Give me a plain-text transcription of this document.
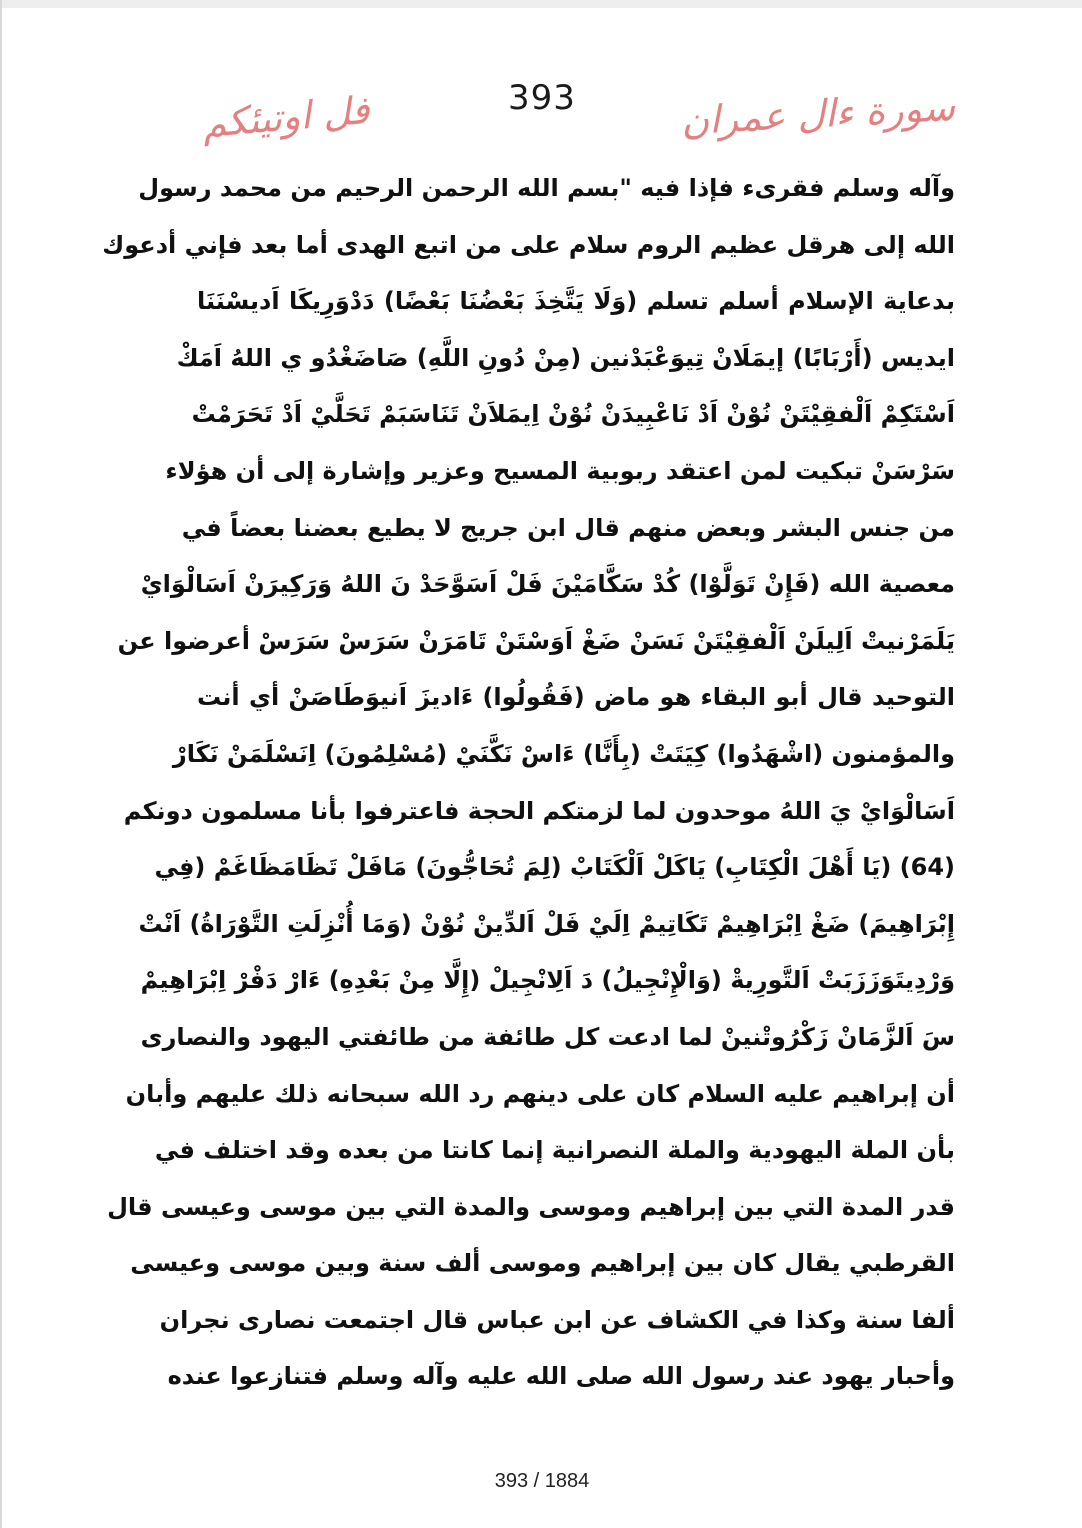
393	سورة ءال عمران
فل اوتيئكم
وآله وسلم فقرىء فإذا فيه "بسم الله الرحمن الرحيم من محمد رسول
الله إلى هرقل عظيم الروم سلام على من اتبع الهدى أما بعد فإني أدعوك
بدعاية الإسلام أسلم تسلم (وَلَا يَتَّخِذَ بَعْضُنَا بَعْضًا) دَدْوَرِيكَا اَديسْنَنَا
ايديس (أَرْبَابًا) إيمَلَانْ تِيوَعْبَدْنين (مِنْ دُونِ اللَّهِ) صَاضَغْدُو ي اللهُ اَمَكْ
اَسْتَكِمْ اَلْفقِيْتَنْ نُوْنْ اَدْ نَاعْبِيدَنْ نُوْنْ اِيمَلاَنْ تَنَاسَبَمْ تَحَلَّيْ اَدْ تَحَرَمْتْ
سَرْسَنْ تبكيت لمن اعتقد ربوبية المسيح وعزير وإشارة إلى أن هؤلاء
من جنس البشر وبعض منهم قال ابن جريج لا يطيع بعضنا بعضاً في
معصية الله (فَإِنْ تَوَلَّوْا) كُدْ سَكَّامَيْنَ فَلْ اَسَوَّحَدْ نَ اللهُ وَرَكِيرَنْ اَسَالْوَايْ
يَلَمَرْنيتْ اَلِيلَنْ اَلْفقِيْتَنْ نَسَنْ ضَغْ اَوَسْتَنْ تَامَرَنْ سَرَسْ سَرَسْ أعرضوا عن
التوحيد قال أبو البقاء هو ماض (فَقُولُوا) ءَاديزَ اَنيوَطَاصَنْ أي أنت
والمؤمنون (اشْهَدُوا) كِيَتَتْ (بِأَنَّا) ءَاسْ نَكَّنَيْ (مُسْلِمُونَ) اِنَسْلَمَنْ نَكَارْ
اَسَالْوَايْ يَ اللهُ موحدون لما لزمتكم الحجة فاعترفوا بأنا مسلمون دونكم
(64) (يَا أَهْلَ الْكِتَابِ) يَاكَلْ اَلْكَتَابْ (لِمَ تُحَاجُّونَ) مَافَلْ تَظَامَظَاغَمْ (فِي
إِبْرَاهِيمَ) ضَغْ اِبْرَاهِيمْ تَكَاتِيمْ اِلَيْ فَلْ اَلدِّينْ نُوْنْ (وَمَا أُنْزِلَتِ التَّوْرَاةُ) اَنْتْ
وَرْدِيتَوَزَزَبَتْ اَلتَّورِيةْ (وَالْإِنْجِيلُ) دَ اَلِانْجِيلْ (إِلَّا مِنْ بَعْدِهِ) ءَارْ دَفْرْ اِبْرَاهِيمْ
سَ اَلزَّمَانْ زَكْرُوتْنينْ لما ادعت كل طائفة من طائفتي اليهود والنصارى
أن إبراهيم عليه السلام كان على دينهم رد الله سبحانه ذلك عليهم وأبان
بأن الملة اليهودية والملة النصرانية إنما كانتا من بعده وقد اختلف في
قدر المدة التي بين إبراهيم وموسى والمدة التي بين موسى وعيسى قال
القرطبي يقال كان بين إبراهيم وموسى ألف سنة وبين موسى وعيسى
ألفا سنة وكذا في الكشاف عن ابن عباس قال اجتمعت نصارى نجران
وأحبار يهود عند رسول الله صلى الله عليه وآله وسلم فتنازعوا عنده
393 / 1884
